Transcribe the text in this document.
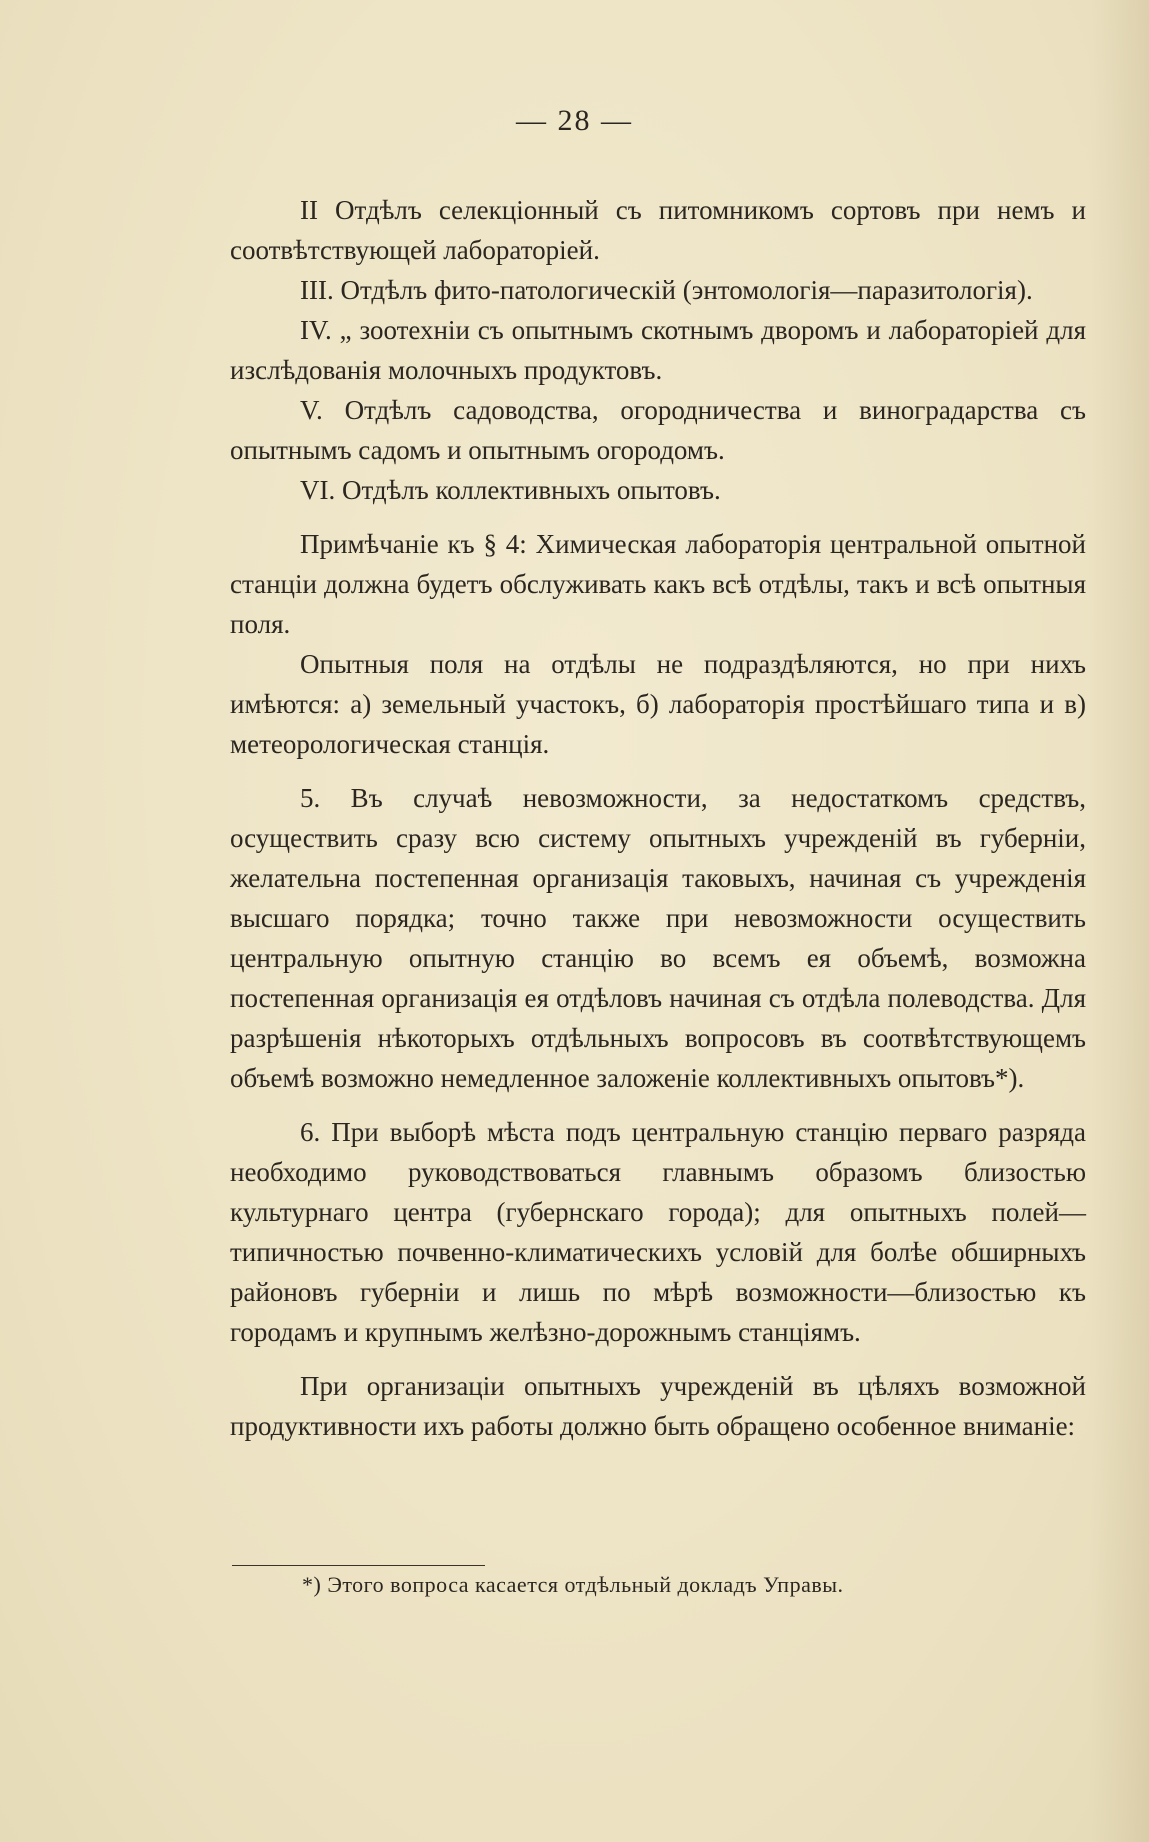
— 28 —

II Отдѣлъ селекціонный съ питомникомъ сортовъ при немъ и соотвѣтствующей лабораторіей.

III. Отдѣлъ фито-патологическій (энтомологія—паразитологія).

IV. „ зоотехніи съ опытнымъ скотнымъ дворомъ и лабораторіей для изслѣдованія молочныхъ продуктовъ.

V. Отдѣлъ садоводства, огородничества и виноградарства съ опытнымъ садомъ и опытнымъ огородомъ.

VI. Отдѣлъ коллективныхъ опытовъ.

Примѣчаніе къ § 4: Химическая лабораторія центральной опытной станціи должна будетъ обслуживать какъ всѣ отдѣлы, такъ и всѣ опытныя поля.

Опытныя поля на отдѣлы не подраздѣляются, но при нихъ имѣются: а) земельный участокъ, б) лабораторія простѣйшаго типа и в) метеорологическая станція.

5. Въ случаѣ невозможности, за недостаткомъ средствъ, осуществить сразу всю систему опытныхъ учрежденій въ губерніи, желательна постепенная организація таковыхъ, начиная съ учрежденія высшаго порядка; точно также при невозможности осуществить центральную опытную станцію во всемъ ея объемѣ, возможна постепенная организація ея отдѣловъ начиная съ отдѣла полеводства. Для разрѣшенія нѣкоторыхъ отдѣльныхъ вопросовъ въ соотвѣтствующемъ объемѣ возможно немедленное заложеніе коллективныхъ опытовъ*).

6. При выборѣ мѣста подъ центральную станцію перваго разряда необходимо руководствоваться главнымъ образомъ близостью культурнаго центра (губернскаго города); для опытныхъ полей—типичностью почвенно-климатическихъ условій для болѣе обширныхъ районовъ губерніи и лишь по мѣрѣ возможности—близостью къ городамъ и крупнымъ желѣзно-дорожнымъ станціямъ.

При организаціи опытныхъ учрежденій въ цѣляхъ возможной продуктивности ихъ работы должно быть обращено особенное вниманіе:

*) Этого вопроса касается отдѣльный докладъ Управы.
